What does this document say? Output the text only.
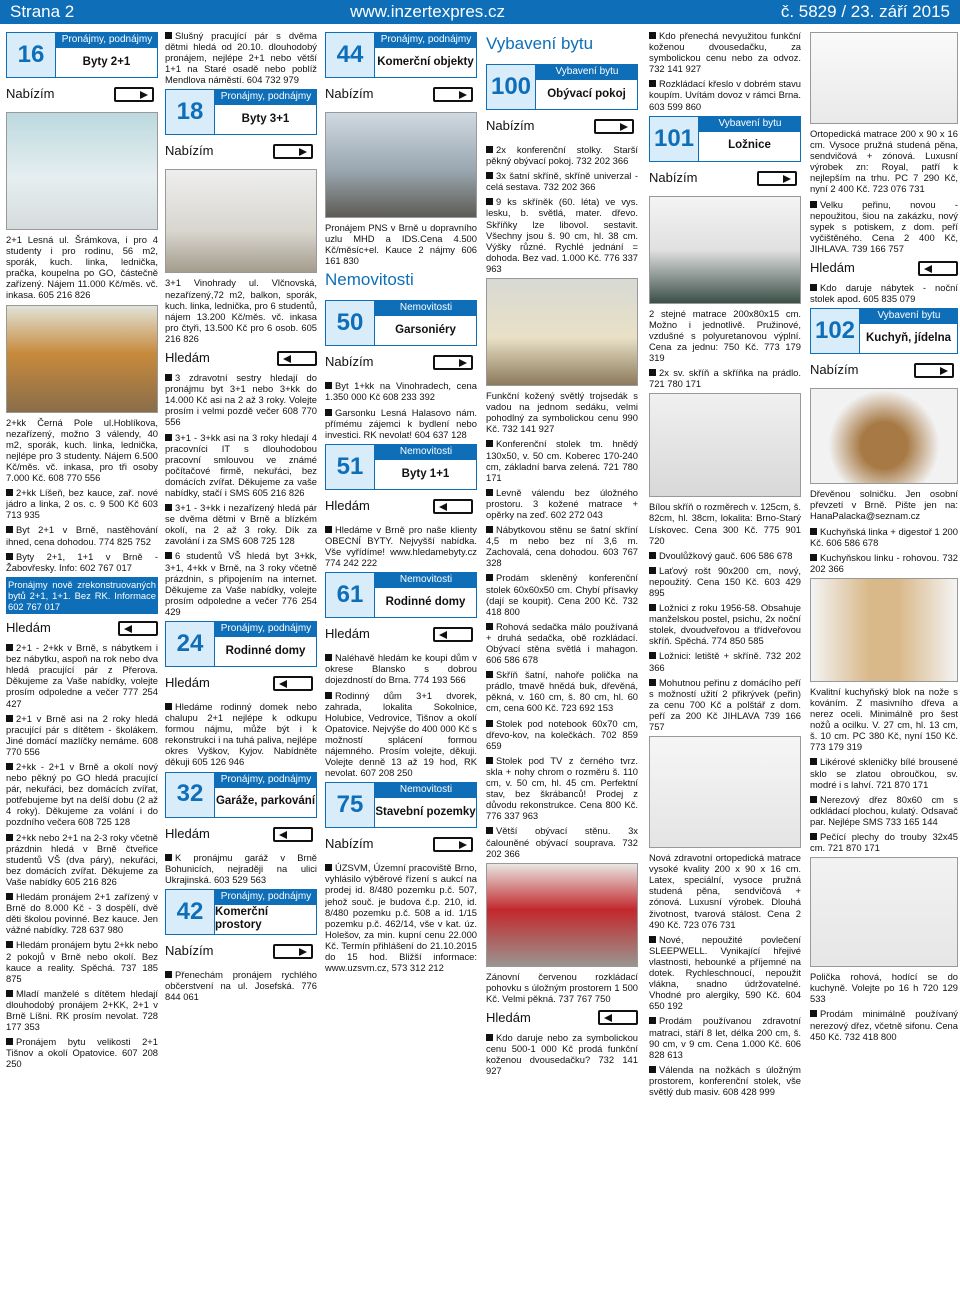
Strana 2	www.inzertexpres.cz	č. 5829 / 23. září 2015
16
Pronájmy, podnájmy
Byty 2+1
Nabízím

2+1 Lesná ul. Šrámkova, i pro 4 studenty i pro rodinu, 56 m2, sporák, kuch. linka, lednička, pračka, koupelna po GO, částečně zařízený. Nájem 11.000 Kč/měs. vč. inkasa. 605 216 826

2+kk Černá Pole ul.Hoblíkova, nezařízený, možno 3 válendy, 40 m2, sporák, kuch. linka, lednička, nejlépe pro 3 studenty. Nájem 6.500 Kč/měs. vč. inkasa, pro tři osoby 7.000 Kč. 608 770 556

2+kk Líšeň, bez kauce, zař. nové jádro a linka, 2 os. c. 9 500 Kč 603 713 935

Byt 2+1 v Brně, nastěhování ihned, cena dohodou. 774 825 752

Byty 2+1, 1+1 v Brně - Žabovřesky. Info: 602 767 017

Pronájmy nově zrekonstruovaných bytů 2+1, 1+1. Bez RK. Informace 602 767 017

Hledám

2+1 - 2+kk v Brně, s nábytkem i bez nábytku, aspoň na rok nebo dva hledá pracující pár z Přerova. Děkujeme za Vaše nabídky, volejte prosím odpoledne a večer 777 254 427

2+1 v Brně asi na 2 roky hledá pracující pár s dítětem - školákem. Jiné domácí mazlíčky nemáme. 608 770 556

2+kk - 2+1 v Brně a okolí nový nebo pěkný po GO hledá pracující pár, nekuřáci, bez domácích zvířat, potřebujeme byt na delší dobu (2 až 4 roky). Děkujeme za volání i do pozdního večera 608 725 128

2+kk nebo 2+1 na 2-3 roky včetně prázdnin hledá v Brně čtveřice studentů VŠ (dva páry), nekuřáci, bez domácích zvířat. Děkujeme za Vaše nabídky 605 216 826

Hledám pronájem 2+1 zařízený v Brně do 8.000 Kč - 3 dospělí, dvě děti školou povinné. Bez kauce. Jen vážné nabídky. 728 637 980

Hledám pronájem bytu 2+kk nebo 2 pokojů v Brně nebo okolí. Bez kauce a reality. Spěchá. 737 185 875

Mladí manželé s dítětem hledají dlouhodobý pronájem 2+KK, 2+1 v Brně Líšni. RK prosím nevolat. 728 177 353

Pronájem bytu velikosti 2+1 Tišnov a okolí Opatovice. 607 208 250

Slušný pracující pár s dvěma dětmi hledá od 20.10. dlouhodobý pronájem, nejlépe 2+1 nebo větší 1+1 na Staré osadě nebo poblíž Mendlova náměstí. 604 732 979

18
Pronájmy, podnájmy
Byty 3+1
Nabízím

3+1 Vinohrady ul. Vlčnovská, nezařízený,72 m2, balkon, sporák, kuch. linka, lednička, pro 6 studentů, nájem 13.200 Kč/měs. vč. inkasa pro čtyři, 13.500 Kč pro 6 osob. 605 216 826

Hledám

3 zdravotní sestry hledají do pronájmu byt 3+1 nebo 3+kk do 14.000 Kč asi na 2 až 3 roky. Volejte prosím i velmi pozdě večer 608 770 556

3+1 - 3+kk asi na 3 roky hledají 4 pracovníci IT s dlouhodobou pracovní smlouvou ve známé počítačové firmě, nekuřáci, bez domácích zvířat. Děkujeme za vaše nabídky, stačí i SMS 605 216 826

3+1 - 3+kk i nezařízený hledá pár se dvěma dětmi v Brně a blízkém okolí, na 2 až 3 roky. Dík za zavolání i za SMS 608 725 128

6 studentů VŠ hledá byt 3+kk, 3+1, 4+kk v Brně, na 3 roky včetně prázdnin, s připojením na internet. Děkujeme za Vaše nabídky, volejte prosím odpoledne a večer 776 254 429

24
Pronájmy, podnájmy
Rodinné domy
Hledám

Hledáme rodinný domek nebo chalupu 2+1 nejlépe k odkupu formou nájmu, může být i k rekonstrukci i na tuhá paliva, nejlépe okres Vyškov, Kyjov. Nabídněte děkuji 605 126 946

32
Pronájmy, podnájmy
Garáže, parkování
Hledám

K pronájmu garáž v Brně Bohunicích, nejraději na ulici Ukrajinská. 603 529 563

42
Pronájmy, podnájmy
Komerční prostory
Nabízím

Přenechám pronájem rychlého občerstvení na ul. Josefská. 776 844 061

44
Pronájmy, podnájmy
Komerční objekty
Nabízím

Pronájem PNS v Brně u dopravního uzlu MHD a IDS.Cena 4.500 Kč/měsíc+el. Kauce 2 nájmy 606 161 830

Nemovitosti
50
Nemovitosti
Garsoniéry
Nabízím

Byt 1+kk na Vinohradech, cena 1.350 000 Kč 608 233 392

Garsonku Lesná Halasovo nám. přímému zájemci k bydlení nebo investici. RK nevolat! 604 637 128

51
Nemovitosti
Byty 1+1
Hledám

Hledáme v Brně pro naše klienty OBECNÍ BYTY. Nejvyšší nabídka. Vše vyřídíme! www.hledamebyty.cz 774 242 222

61
Nemovitosti
Rodinné domy
Hledám

Naléhavě hledám ke koupi dům v okrese Blansko s dobrou dojezdností do Brna. 774 193 566

Rodinný dům 3+1 dvorek, zahrada, lokalita Sokolnice, Holubice, Vedrovice, Tišnov a okolí Opatovice. Nejvýše do 400 000 Kč s možností splácení formou nájemného. Prosím volejte, děkuji. Volejte denně 13 až 19 hod, RK nevolat. 607 208 250

75
Nemovitosti
Stavební pozemky
Nabízím

ÚZSVM, Územní pracoviště Brno, vyhlásilo výběrové řízení s aukcí na prodej id. 8/480 pozemku p.č. 507, jehož souč. je budova č.p. 210, id. 8/480 pozemku p.č. 508 a id. 1/15 pozemku p.č. 462/14, vše v kat. úz. Holešov, za min. kupní cenu 22.000 Kč. Termín přihlášení do 21.10.2015 do 15 hod. Bližší informace: www.uzsvm.cz, 573 312 212

Vybavení bytu
100
Vybavení bytu
Obývací pokoj
Nabízím

2x konferenční stolky. Starší pěkný obývací pokoj. 732 202 366

3x šatní skříně, skříně univerzal - celá sestava. 732 202 366

9 ks skříněk (60. léta) ve vys. lesku, b. světlá, mater. dřevo. Skříňky lze libovol. sestavit. Všechny jsou š. 90 cm, hl. 38 cm. Výšky různé. Rychlé jednání = dohoda. Bez vad. 1.000 Kč. 776 337 963

Funkční kožený světlý trojsedák s vadou na jednom sedáku, velmi pohodlný za symbolickou cenu 990 Kč. 732 141 927

Konferenční stolek tm. hnědý 130x50, v. 50 cm. Koberec 170-240 cm, základní barva zelená. 721 780 171

Levně válendu bez úložného prostoru. 3 kožené matrace + opěrky na zeď. 602 272 043

Nábytkovou stěnu se šatní skříní 4,5 m nebo bez ní 3,6 m. Zachovalá, cena dohodou. 603 767 328

Prodám skleněný konferenční stolek 60x60x50 cm. Chybí přísavky (dají se koupit). Cena 200 Kč. 732 418 800

Rohová sedačka málo používaná + druhá sedačka, obě rozkládací. Obývací stěna světlá i mahagon. 606 586 678

Skříň šatní, nahoře polička na prádlo, tmavě hnědá buk, dřevěná, pěkná, v. 160 cm, š. 80 cm, hl. 60 cm, cena 600 Kč. 723 692 153

Stolek pod notebook 60x70 cm, dřevo-kov, na kolečkách. 702 859 659

Stolek pod TV z černého tvrz. skla + nohy chrom o rozměru š. 110 cm, v. 50 cm, hl. 45 cm. Perfektní stav, bez škrábanců! Prodej z důvodu rekonstrukce. Cena 800 Kč. 776 337 963

Větší obývací stěnu. 3x čalouněné obývací souprava. 732 202 366

Zánovní červenou rozkládací pohovku s úložným prostorem 1 500 Kč. Velmi pěkná. 737 767 750

Hledám

Kdo daruje nebo za symbolickou cenu 500-1 000 Kč prodá funkční koženou dvousedačku? 732 141 927

Kdo přenechá nevyužitou funkční koženou dvousedačku, za symbolickou cenu nebo za odvoz. 732 141 927

Rozkládací křeslo v dobrém stavu koupím. Uvítám dovoz v rámci Brna. 603 599 860

101
Vybavení bytu
Ložnice
Nabízím

2 stejné matrace 200x80x15 cm. Možno i jednotlivě. Pružinové, vzdušné s polyuretanovou výplní. Cena za jednu: 750 Kč. 773 179 319

2x sv. skříň a skříňka na prádlo. 721 780 171

Bílou skříň o rozměrech v. 125cm, š. 82cm, hl. 38cm, lokalita: Brno-Starý Lískovec. Cena 300 Kč. 775 901 720

Dvoulůžkový gauč. 606 586 678

Laťový rošt 90x200 cm, nový, nepoužitý. Cena 150 Kč. 603 429 895

Ložnici z roku 1956-58. Obsahuje manželskou postel, psichu, 2x noční stolek, dvoudveřovou a třídveřovou skříň. Spěchá. 774 850 585

Ložnici: letiště + skříně. 732 202 366

Mohutnou peřinu z domácího peří s možností užití 2 přikrývek (peřin) za cenu 700 Kč a polštář z dom. peří za 200 Kč JIHLAVA 739 166 757

Nová zdravotní ortopedická matrace vysoké kvality 200 x 90 x 16 cm. Latex, speciální, vysoce pružná studená pěna, sendvičová + zónová. Luxusní výrobek. Dlouhá životnost, tvarová stálost. Cena 2 490 Kč. 723 076 731

Nové, nepoužité povlečení SLEEPWELL. Vynikající hřejivé vlastnosti, hebounké a příjemné na dotek. Rychleschnoucí, nepoužit vlákna, snadno údržovatelné. Vhodné pro alergiky, 590 Kč. 604 650 192

Prodám používanou zdravotní matraci, stáří 8 let, délka 200 cm, š. 90 cm, v 9 cm. Cena 1.000 Kč. 606 828 613

Válenda na nožkách s úložným prostorem, konferenční stolek, vše světlý dub masiv. 608 428 999

Ortopedická matrace 200 x 90 x 16 cm. Vysoce pružná studená pěna, sendvičová + zónová. Luxusní výrobek zn: Royal, patří k nejlepším na trhu. PC 7 290 Kč, nyní 2 400 Kč. 723 076 731

Velku peřinu, novou - nepoužitou, šiou na zakázku, nový sypek s potiskem, z dom. peří vyčištěného. Cena 2 400 Kč, JIHLAVA. 739 166 757

Hledám

Kdo daruje nábytek - noční stolek apod. 605 835 079

102
Vybavení bytu
Kuchyň, jídelna
Nabízím

Dřevěnou solničku. Jen osobní převzetí v Brně. Pište jen na: HanaPalacka@seznam.cz

Kuchyňská linka + digestoř 1 200 Kč. 606 586 678

Kuchyňskou linku - rohovou. 732 202 366

Kvalitní kuchyňský blok na nože s kováním. Z masivního dřeva a nerez oceli. Minimálně pro šest nožů a ocilku. V. 27 cm, hl. 13 cm, š. 10 cm. PC 380 Kč, nyní 150 Kč. 773 179 319

Likérové skleničky bílé brousené sklo se zlatou obroučkou, sv. modré i s lahví. 721 870 171

Nerezový dřez 80x60 cm s odkládací plochou, kulatý. Odsavač par. Nejlépe SMS 733 165 144

Pečící plechy do trouby 32x45 cm. 721 870 171

Polička rohová, hodící se do kuchyně. Volejte po 16 h 720 129 533

Prodám minimálně používaný nerezový dřez, včetně sifonu. Cena 450 Kč. 732 418 800
